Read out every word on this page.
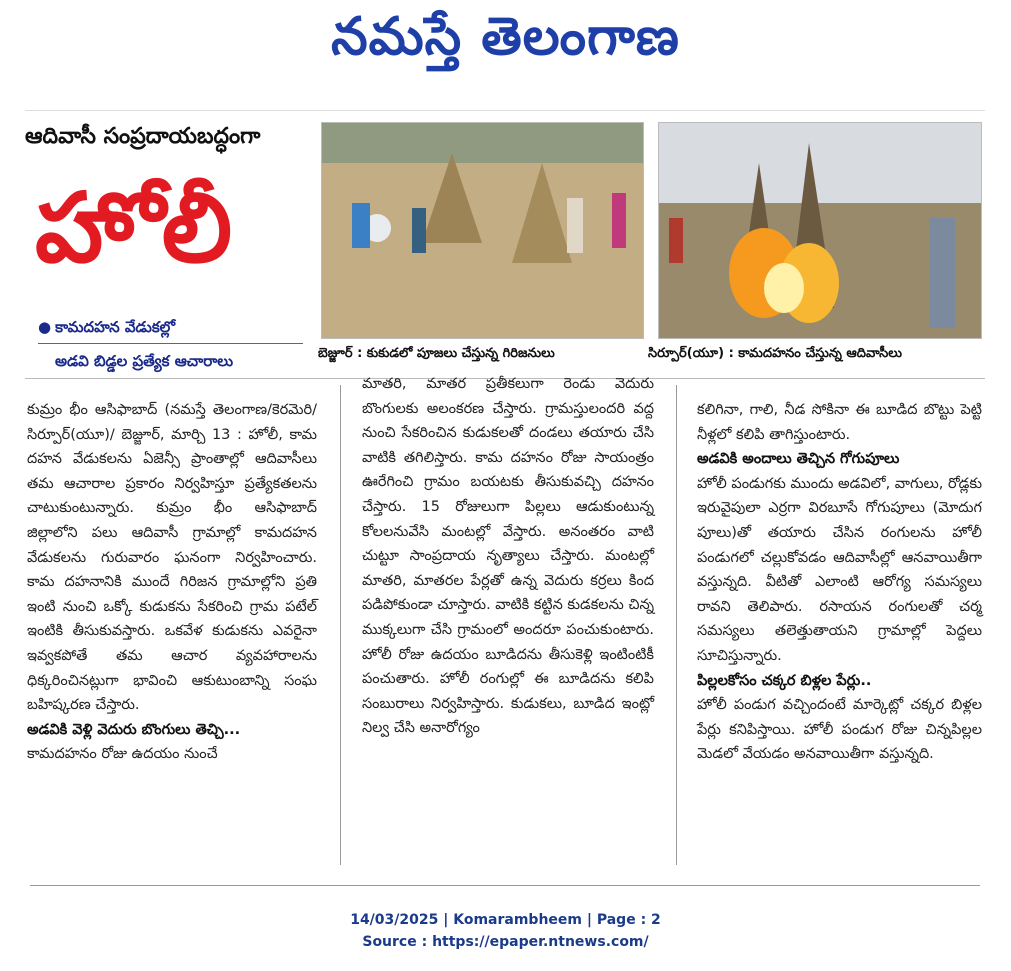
నమస్తే తెలంగాణ
ఆదివాసీ సంప్రదాయబద్ధంగా
హోలీ
● కామదహన వేడుకల్లో
అడవి బిడ్డల ప్రత్యేక ఆచారాలు	బెజ్జూర్ : కుకుడలో పూజలు చేస్తున్న గిరిజనులు	సిర్పూర్(యూ) : కామదహనం చేస్తున్న ఆదివాసీలు

కుమ్రం భీం ఆసిఫాబాద్ (నమస్తే తెలంగాణ/కెరమెరి/సిర్పూర్(యూ)/ బెజ్జూర్, మార్చి 13 : హోలీ, కామ దహన వేడుకలను ఏజెన్సీ ప్రాంతాల్లో ఆదివాసీలు తమ ఆచారాల ప్రకారం నిర్వహిస్తూ ప్రత్యేకతలను చాటుకుంటున్నారు. కుమ్రం భీం ఆసిఫాబాద్ జిల్లాలోని పలు ఆదివాసీ గ్రామాల్లో కామదహన వేడుకలను గురువారం ఘనంగా నిర్వహించారు. కామ దహనానికి ముందే గిరిజన గ్రామాల్లోని ప్రతి ఇంటి నుంచి ఒక్కో కుడుకను సేకరించి గ్రామ పటేల్ ఇంటికి తీసుకువస్తారు. ఒకవేళ కుడుకను ఎవరైనా ఇవ్వకపోతే తమ ఆచార వ్యవహారాలను ధిక్కరించినట్లుగా భావించి ఆకుటుంబాన్ని సంఘ బహిష్కరణ చేస్తారు.

అడవికి వెళ్లి వెదురు బొంగులు తెచ్చి...

కామదహనం రోజు ఉదయం నుంచే

మాతరి, మాతర ప్రతీకలుగా రెండు వెదురు బొంగులకు అలంకరణ చేస్తారు. గ్రామస్తులందరి వద్ద నుంచి సేకరించిన కుడుకలతో దండలు తయారు చేసి వాటికి తగిలిస్తారు. కామ దహనం రోజు సాయంత్రం ఊరేగించి గ్రామం బయటకు తీసుకువచ్చి దహనం చేస్తారు. 15 రోజులుగా పిల్లలు ఆడుకుంటున్న కోలలనువేసి మంటల్లో వేస్తారు. అనంతరం వాటి చుట్టూ సాంప్రదాయ నృత్యాలు చేస్తారు. మంటల్లో మాతరి, మాతరల పేర్లతో ఉన్న వెదురు కర్రలు కింద పడిపోకుండా చూస్తారు. వాటికి కట్టిన కుడకలను చిన్న ముక్కలుగా చేసి గ్రామంలో అందరూ పంచుకుంటారు. హోలీ రోజు ఉదయం బూడిదను తీసుకెళ్లి ఇంటింటికీ పంచుతారు. హోలీ రంగుల్లో ఈ బూడిదను కలిపి సంబురాలు నిర్వహిస్తారు. కుడుకలు, బూడిద ఇంట్లో నిల్వ చేసి అనారోగ్యం

కలిగినా, గాలి, నీడ సోకినా ఈ బూడిద బొట్టు పెట్టి నీళ్లలో కలిపి తాగిస్తుంటారు.

అడవికి అందాలు తెచ్చిన గోగుపూలు

హోలీ పండుగకు ముందు అడవిలో, వాగులు, రోడ్లకు ఇరువైపులా ఎర్రగా విరబూసే గోగుపూలు (మోదుగ పూలు)తో తయారు చేసిన రంగులను హోలీ పండుగలో చల్లుకోవడం ఆదివాసీల్లో ఆనవాయితీగా వస్తున్నది. వీటితో ఎలాంటి ఆరోగ్య సమస్యలు రావని తెలిపారు. రసాయన రంగులతో చర్మ సమస్యలు తలెత్తుతాయని గ్రామాల్లో పెద్దలు సూచిస్తున్నారు.

పిల్లలకోసం చక్కర బిళ్లల పేర్లు..

హోలీ పండుగ వచ్చిందంటే మార్కెట్లో చక్కర బిళ్లల పేర్లు కనిపిస్తాయి. హోలీ పండుగ రోజు చిన్నపిల్లల మెడలో వేయడం అనవాయితీగా వస్తున్నది.

14/03/2025 | Komarambheem | Page : 2
Source : https://epaper.ntnews.com/
